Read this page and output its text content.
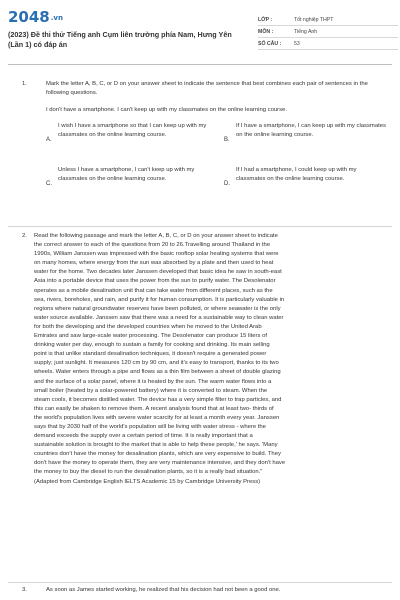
2048.vn
(2023) Đề thi thử Tiếng anh Cụm liên trường phía Nam, Hưng Yên (Lần 1) có đáp án
LỚP :	Tốt nghiệp THPT
MÔN :	Tiếng Anh
SỐ CÂU :	53
1.	Mark the letter A, B, C, or D on your answer sheet to indicate the sentence that best combines each pair of sentences in the following questions.

I don't have a smartphone. I can't keep up with my classmates on the online learning course.

A.
I wish I have a smartphone so that I can keep up with my classmates on the online learning course.
B.
If I have a smartphone, I can keep up with my classmates on the online learning course.
C.
Unless I have a smartphone, I can't keep up with my classmates on the online learning course.
D.
If I had a smartphone, I could keep up with my classmates on the online learning course.
2.	Read the following passage and mark the letter A, B, C, or D on your answer sheet to indicate
the correct answer to each of the questions from 20 to 26.Travelling around Thailand in the
1990s, William Janssen was impressed with the basic rooftop solar heating systems that were
on many homes, where energy from the sun was absorbed by a plate and then used to heat
water for the home. Two decades later Janssen developed that basic idea he saw in south-east
Asia into a portable device that uses the power from the sun to purify water. The Desolenator
operates as a mobile desalination unit that can take water from different places, such as the
sea, rivers, boreholes, and rain, and purify it for human consumption. It is particularly valuable in
regions where natural groundwater reserves have been polluted, or where seawater is the only
water source available. Janssen saw that there was a need for a sustainable way to clean water
for both the developing and the developed countries when he moved to the United Arab
Emirates and saw large-scale water processing. The Desolenator can produce 15 liters of
drinking water per day, enough to sustain a family for cooking and drinking. Its main selling
point is that unlike standard desalination techniques, it doesn't require a generated power
supply; just sunlight. It measures 120 cm by 90 cm, and it's easy to transport, thanks to its two
wheels. Water enters through a pipe and flows as a thin film between a sheet of double glazing
and the surface of a solar panel, where it is heated by the sun. The warm water flows into a
small boiler (heated by a solar-powered battery) where it is converted to steam. When the
steam cools, it becomes distilled water. The device has a very simple filter to trap particles, and
this can easily be shaken to remove them. A recent analysis found that at least two- thirds of
the world's population lives with severe water scarcity for at least a month every year. Janssen
says that by 2030 half of the world's population will be living with water stress - where the
demand exceeds the supply over a certain period of time. It is really important that a
sustainable solution is brought to the market that is able to help these people,' he says. 'Many
countries don't have the money for desalination plants, which are very expensive to build. They
don't have the money to operate them, they are very maintenance intensive, and they don't have
the money to buy the diesel to run the desalination plants, so it is a really bad situation."
(Adapted from Cambridge English IELTS Academic 15 by Cambridge University Press)
3.	As soon as James started working, he realized that his decision had not been a good one.
